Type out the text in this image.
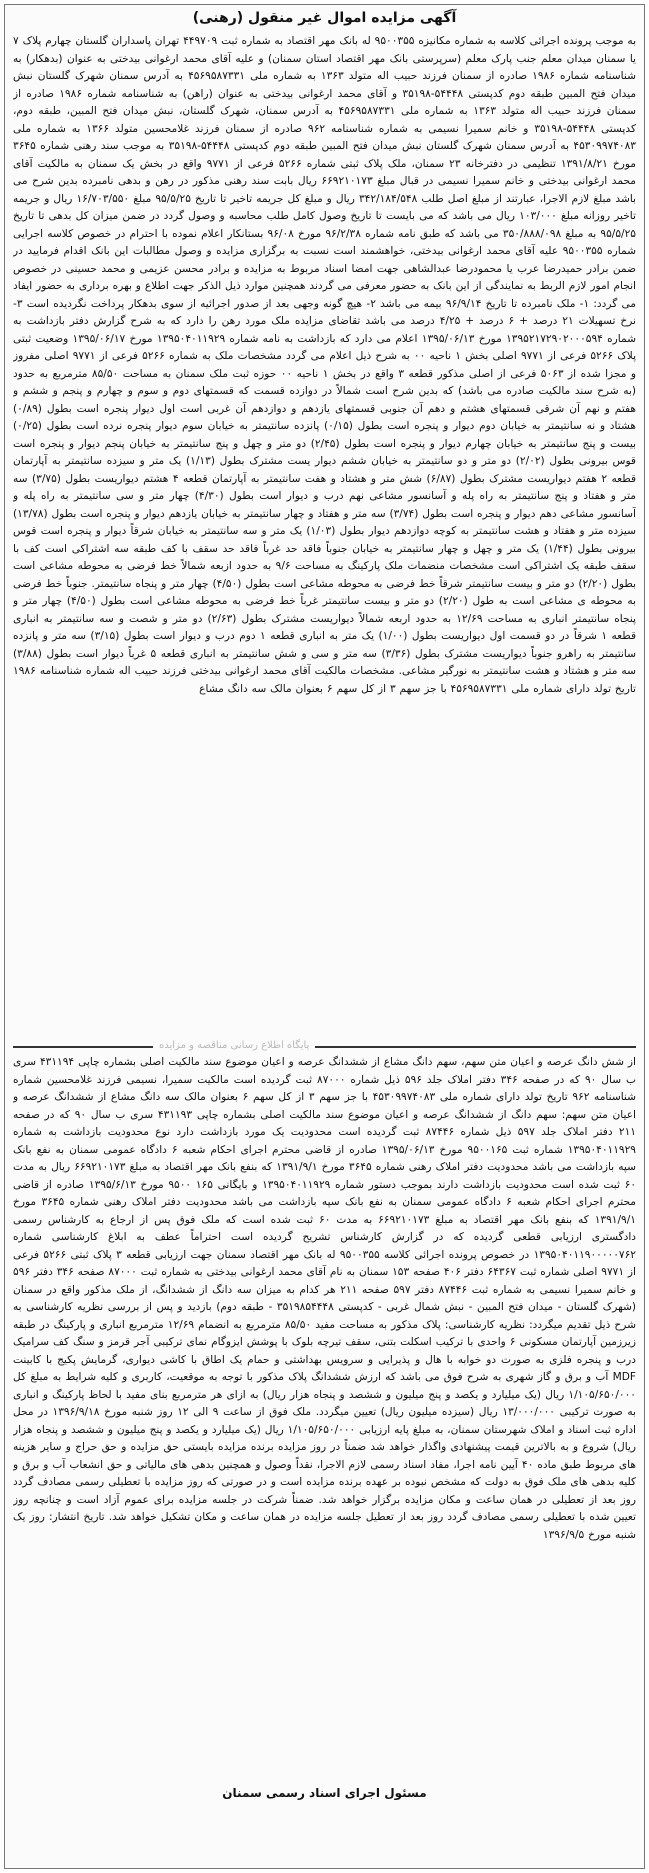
آگهی مزایده اموال غیر منقول (رهنی)
به موجب پرونده اجرائی کلاسه به شماره مکانیزه ۹۵۰۰۳۵۵ له بانک مهر اقتصاد به شماره ثبت ۴۴۹۷۰۹ تهران پاسداران گلستان چهارم پلاک ۷ یا سمنان میدان معلم جنب پارک معلم (سرپرستی بانک مهر اقتصاد استان سمنان) و علیه آقای محمد ارغوانی بیدختی به عنوان (بدهکار) به شناسنامه شماره ۱۹۸۶ صادره از سمنان فرزند حبیب اله متولد ۱۳۶۳ به شماره ملی ۴۵۶۹۵۸۷۳۳۱ به آدرس سمنان شهرک گلستان نبش میدان فتح المبین طبقه دوم کدپستی ۵۴۴۴۸-۳۵۱۹۸ و آقای محمد ارغوانی بیدختی به عنوان (راهن) به شناسنامه شماره ۱۹۸۶ صادره از سمنان فرزند حبیب اله متولد ۱۳۶۳ به شماره ملی ۴۵۶۹۵۸۷۳۳۱ به آدرس سمنان، شهرک گلستان، نبش میدان فتح المبین، طبقه دوم، کدپستی ۵۴۴۴۸-۳۵۱۹۸ و خانم سمیرا نسیمی به شماره شناسنامه ۹۶۲ صادره از سمنان فرزند غلامحسین متولد ۱۳۶۶ به شماره ملی ۴۵۳۰۹۹۷۴۰۸۳ به آدرس سمنان شهرک گلستان نبش میدان فتح المبین طبقه دوم کدپستی ۵۴۴۴۸-۳۵۱۹۸ به موجب سند رهنی شماره ۳۶۴۵ مورخ ۱۳۹۱/۸/۲۱ تنظیمی در دفترخانه ۲۳ سمنان، ملک پلاک ثبتی شماره ۵۲۶۶ فرعی از ۹۷۷۱ واقع در بخش یک سمنان به مالکیت آقای محمد ارغوانی بیدختی و خانم سمیرا نسیمی در قبال مبلغ ۶۶۹۲۱۰۱۷۳ ریال بابت سند رهنی مذکور در رهن و بدهی نامبرده بدین شرح می باشد مبلغ لازم الاجرا، عبارتند از مبلغ اصل طلب ۳۴۲/۱۸۴/۵۴۸ ریال و مبلغ کل جریمه تاخیر تا تاریخ ۹۵/۵/۲۵ مبلغ ۱۶/۷۰۳/۵۵۰ ریال و جریمه تاخیر روزانه مبلغ ۱۰۳/۰۰۰ ریال می باشد که می بایست تا تاریخ وصول کامل طلب محاسبه و وصول گردد در ضمن میزان کل بدهی تا تاریخ ۹۵/۵/۲۵ به مبلغ ۳۵۰/۸۸۸/۰۹۸ می باشد که طبق نامه شماره ۹۶/۲/۳۸ مورخ ۹۶/۰۸ بستانکار اعلام نموده با احترام در خصوص کلاسه اجرایی شماره ۹۵۰۰۳۵۵ علیه آقای محمد ارغوانی بیدختی، خواهشمند است نسبت به برگزاری مزایده و وصول مطالبات این بانک اقدام فرمایید در ضمن برادر حمیدرضا عرب یا محمودرضا عبدالشاهی جهت امضا اسناد مربوط به مزایده و برادر محسن عزیمی و محمد حسینی در خصوص انجام امور لازم الربط به نمایندگی از این بانک به حضور معرفی می گردند همچنین موارد ذیل الذکر جهت اطلاع و بهره برداری به حضور ایفاد می گردد: ۱- ملک نامبرده تا تاریخ ۹۶/۹/۱۴ بیمه می باشد ۲- هیچ گونه وجهی بعد از صدور اجرائیه از سوی بدهکار پرداخت نگردیده است ۳- نرخ تسهیلات ۲۱ درصد + ۶ درصد + ۴/۲۵ درصد می باشد تقاضای مزایده ملک مورد رهن را دارد که به شرح گزارش دفتر بازداشت به شماره ۱۳۹۵۲۱۷۲۹۰۲۰۰۰۵۹۴ مورخ ۱۳۹۵/۰۶/۱۳ اعلام می دارد که بازداشت به نامه شماره ۱۳۹۵۰۴۰۱۱۹۲۹ مورخ ۱۳۹۵/۰۶/۱۷ وضعیت ثبتی پلاک ۵۲۶۶ فرعی از ۹۷۷۱ اصلی بخش ۱ ناحیه ۰۰ به شرح ذیل اعلام می گردد مشخصات ملک به شماره ۵۲۶۶ فرعی از ۹۷۷۱ اصلی مفروز و مجزا شده از ۵۰۶۳ فرعی از اصلی مذکور قطعه ۳ واقع در بخش ۱ ناحیه ۰۰ حوزه ثبت ملک سمنان به مساحت ۸۵/۵۰ مترمربع به حدود (به شرح سند مالکیت صادره می باشد) که بدین شرح است شمالاً در دوازده قسمت که قسمتهای دوم و سوم و چهارم و پنجم و ششم و هفتم و نهم آن شرقی قسمتهای هشتم و دهم آن جنوبی قسمتهای یازدهم و دوازدهم آن غربی است اول دیوار پنجره است بطول (۰/۸۹) هشتاد و نه سانتیمتر به خیابان دوم دیوار و پنجره است بطول (۰/۱۵) پانزده سانتیمتر به خیابان سوم دیوار پنجره نرده است بطول (۰/۲۵) بیست و پنج سانتیمتر به خیابان چهارم دیوار و پنجره است بطول (۲/۴۵) دو متر و چهل و پنج سانتیمتر به خیابان پنجم دیوار و پنجره است قوس بیرونی بطول (۲/۰۲) دو متر و دو سانتیمتر به خیابان ششم دیوار یست مشترک بطول (۱/۱۳) یک متر و سیزده سانتیمتر به آپارتمان قطعه ۲ هفتم دیواریست مشترک بطول (۶/۸۷) شش متر و هشتاد و هفت سانتیمتر به آپارتمان قطعه ۴ هشتم دیواریست بطول (۳/۷۵) سه متر و هفتاد و پنج سانتیمتر به راه پله و آسانسور مشاعی نهم درب و دیوار است بطول (۴/۳۰) چهار متر و سی سانتیمتر به راه پله و آسانسور مشاعی دهم دیوار و پنجره است بطول (۳/۷۴) سه متر و هفتاد و چهار سانتیمتر به خیابان یازدهم دیوار و پنجره است بطول (۱۳/۷۸) سیزده متر و هفتاد و هشت سانتیمتر به کوچه دوازدهم دیوار بطول (۱/۰۳) یک متر و سه سانتیمتر به خیابان شرقاً دیوار و پنجره است قوس بیرونی بطول (۱/۴۴) یک متر و چهل و چهار سانتیمتر به خیابان جنوباً فاقد حد غرباً فاقد حد سقف با کف طبقه سه اشتراکی است کف با سقف طبقه یک اشتراکی است مشخصات منضمات ملک پارکینگ به مساحت ۹/۶ به حدود ازبعه شمالاً خط فرضی به محوطه مشاعی است بطول (۲/۲۰) دو متر و بیست سانتیمتر شرقاً خط فرضی به محوطه مشاعی است بطول (۴/۵۰) چهار متر و پنجاه سانتیمتر. جنوباً خط فرضی به محوطه ی مشاعی است به طول (۲/۲۰) دو متر و بیست سانتیمتر غرباً خط فرضی به محوطه مشاعی است بطول (۴/۵۰) چهار متر و پنجاه سانتیمتر انباری به مساحت ۱۲/۶۹ به حدود اربعه شمالاً دیواریست مشترک بطول (۲/۶۳) دو متر و شصت و سه سانتیمتر به انباری قطعه ۱ شرقاً در دو قسمت اول دیواریست بطول (۱/۰۰) یک متر به انباری قطعه ۱ دوم درب و دیوار است بطول (۳/۱۵) سه متر و پانزده سانتیمتر به راهرو جنوباً دیواریست مشترک بطول (۳/۳۶) سه متر و سی و شش سانتیمتر به انباری قطعه ۵ غرباً دیوار است بطول (۳/۸۸) سه متر و هشتاد و هشت سانتیمتر به نورگیر مشاعی. مشخصات مالکیت آقای محمد ارغوانی بیدختی فرزند حبیب اله شماره شناسنامه ۱۹۸۶ تاریخ تولد دارای شماره ملی ۴۵۶۹۵۸۷۳۳۱ با جز سهم ۳ از کل سهم ۶ بعنوان مالک سه دانگ مشاع
پایگاه اطلاع رسانی مناقصه و مزایده
از شش دانگ عرصه و اعیان متن سهم، سهم دانگ مشاع از ششدانگ عرصه و اعیان موضوع سند مالکیت اصلی بشماره چاپی ۴۳۱۱۹۴ سری ب سال ۹۰ که در صفحه ۳۴۶ دفتر املاک جلد ۵۹۶ ذیل شماره ۸۷۰۰۰ ثبت گردیده است مالکیت سمیرا، نسیمی فرزند غلامحسین شماره شناسنامه ۹۶۲ تاریخ تولد دارای شماره ملی ۴۵۳۰۹۹۷۴۰۸۳ با جز سهم ۳ از کل سهم ۶ بعنوان مالک سه دانگ مشاع از ششدانگ عرصه و اعیان متن سهم: سهم دانگ از ششدانگ عرصه و اعیان موضوع سند مالکیت اصلی بشماره چاپی ۴۳۱۱۹۳ سری ب سال ۹۰ که در صفحه ۲۱۱ دفتر املاک جلد ۵۹۷ ذیل شماره ۸۷۴۴۶ ثبت گردیده است محدودیت یک مورد بازداشت دارد نوع محدودیت بازداشت به شماره ۱۳۹۵۰۴۰۱۱۹۲۹ شماره ثبت ۹۵۰۰۱۶۵ مورخ ۱۳۹۵/۰۶/۱۳ صادره از قاضی محترم اجرای احکام شعبه ۶ دادگاه عمومی سمنان به نفع بانک سپه بازداشت می باشد محدودیت دفتر املاک رهنی شماره ۳۶۴۵ مورخ ۱۳۹۱/۹/۱ که بنفع بانک مهر اقتصاد به مبلغ ۶۶۹۲۱۰۱۷۳ ریال به مدت ۶۰ ثبت شده است محدودیت بازداشت دارند بموجب دستور شماره ۱۳۹۵۰۴۰۱۱۹۲۹ و بایگانی ۱۶۵ ۹۵۰۰ مورخ ۱۳۹۵/۶/۱۳ صادره از قاضی محترم اجرای احکام شعبه ۶ دادگاه عمومی سمنان به نفع بانک سپه بازداشت می باشد محدودیت دفتر املاک رهنی شماره ۳۶۴۵ مورخ ۱۳۹۱/۹/۱ که بنفع بانک مهر اقتصاد به مبلغ ۶۶۹۲۱۰۱۷۳ به مدت ۶۰ ثبت شده است که ملک فوق پس از ارجاع به کارشناس رسمی دادگستری ارزیابی قطعی گردیده که در گزارش کارشناس تشریح گردیده است احتراماً عطف به ابلاغ کارشناسی شماره ۱۳۹۵۰۴۰۱۱۹۰۰۰۰۰۷۶۲ در خصوص پرونده اجرائی کلاسه ۹۵۰۰۳۵۵ له بانک مهر اقتصاد سمنان جهت ارزیابی قطعه ۳ پلاک ثبتی ۵۲۶۶ فرعی از ۹۷۷۱ اصلی شماره ثبت ۶۴۳۶۷ دفتر ۴۰۶ صفحه ۱۵۳ سمنان به نام آقای محمد ارغوانی بیدختی به شماره ثبت ۸۷۰۰۰ صفحه ۳۴۶ دفتر ۵۹۶ و خانم سمیرا نسیمی به شماره ثبت ۸۷۴۴۶ دفتر ۵۹۷ صفحه ۲۱۱ هر کدام به میزان سه دانگ از ششدانگ، از ملک مذکور واقع در سمنان (شهرک گلستان - میدان فتح المبین - نبش شمال غربی - کدپستی ۳۵۱۹۸۵۴۴۴۸ - طبقه دوم) بازدید و پس از بررسی نظریه کارشناسی به شرح ذیل تقدیم میگردد: نظریه کارشناسی: پلاک مذکور به مساحت مفید ۸۵/۵۰ مترمربع به انضمام ۱۲/۶۹ مترمربع انباری و پارکینگ در طبقه زیرزمین آپارتمان مسکونی ۶ واحدی با ترکیب اسکلت بتنی، سقف تیرچه بلوک با پوشش ایزوگام نمای ترکیبی آجر قرمز و سنگ کف سرامیک درب و پنجره فلزی به صورت دو خوابه با هال و پذیرایی و سرویس بهداشتی و حمام یک اطاق با کاشی دیواری، گرمایش پکیج با کابینت MDF آب و برق و گاز شهری به شرح فوق می باشد که ارزش ششدانگ پلاک مذکور با توجه به موقعیت، کاربری و کلیه شرایط به مبلغ کل ۱/۱۰۵/۶۵۰/۰۰۰ ریال (یک میلیارد و یکصد و پنج میلیون و ششصد و پنجاه هزار ریال) به ازای هر مترمربع بنای مفید با لحاظ پارکینگ و انباری به صورت ترکیبی ۱۳/۰۰۰/۰۰۰ ریال (سیزده میلیون ریال) تعیین میگردد. ملک فوق از ساعت ۹ الی ۱۲ روز شنبه مورخ ۱۳۹۶/۹/۱۸ در محل اداره ثبت اسناد و املاک شهرستان سمنان، به مبلغ پایه ارزیابی ۱/۱۰۵/۶۵۰/۰۰۰ ریال (یک میلیارد و یکصد و پنج میلیون و ششصد و پنجاه هزار ریال) شروع و به بالاترین قیمت پیشنهادی واگذار خواهد شد ضمناً در روز مزایده برنده مزایده بایستی حق مزایده و حق حراج و سایر هزینه های مربوط طبق ماده ۴۰ آیین نامه اجرا، مفاد اسناد رسمی لازم الاجرا، نقداً وصول و همچنین بدهی های مالیاتی و حق انشعاب آب و برق و کلیه بدهی های ملک فوق به دولت که مشخص نبوده بر عهده برنده مزایده است و در صورتی که روز مزایده با تعطیلی رسمی مصادف گردد روز بعد از تعطیلی در همان ساعت و مکان مزایده برگزار خواهد شد. ضمناً شرکت در جلسه مزایده برای عموم آزاد است و چنانچه روز تعیین شده با تعطیلی رسمی مصادف گردد روز بعد از تعطیل جلسه مزایده در همان ساعت و مکان تشکیل خواهد شد. تاریخ انتشار: روز یک شنبه مورخ ۱۳۹۶/۹/۵
مسئول اجرای اسناد رسمی سمنان
